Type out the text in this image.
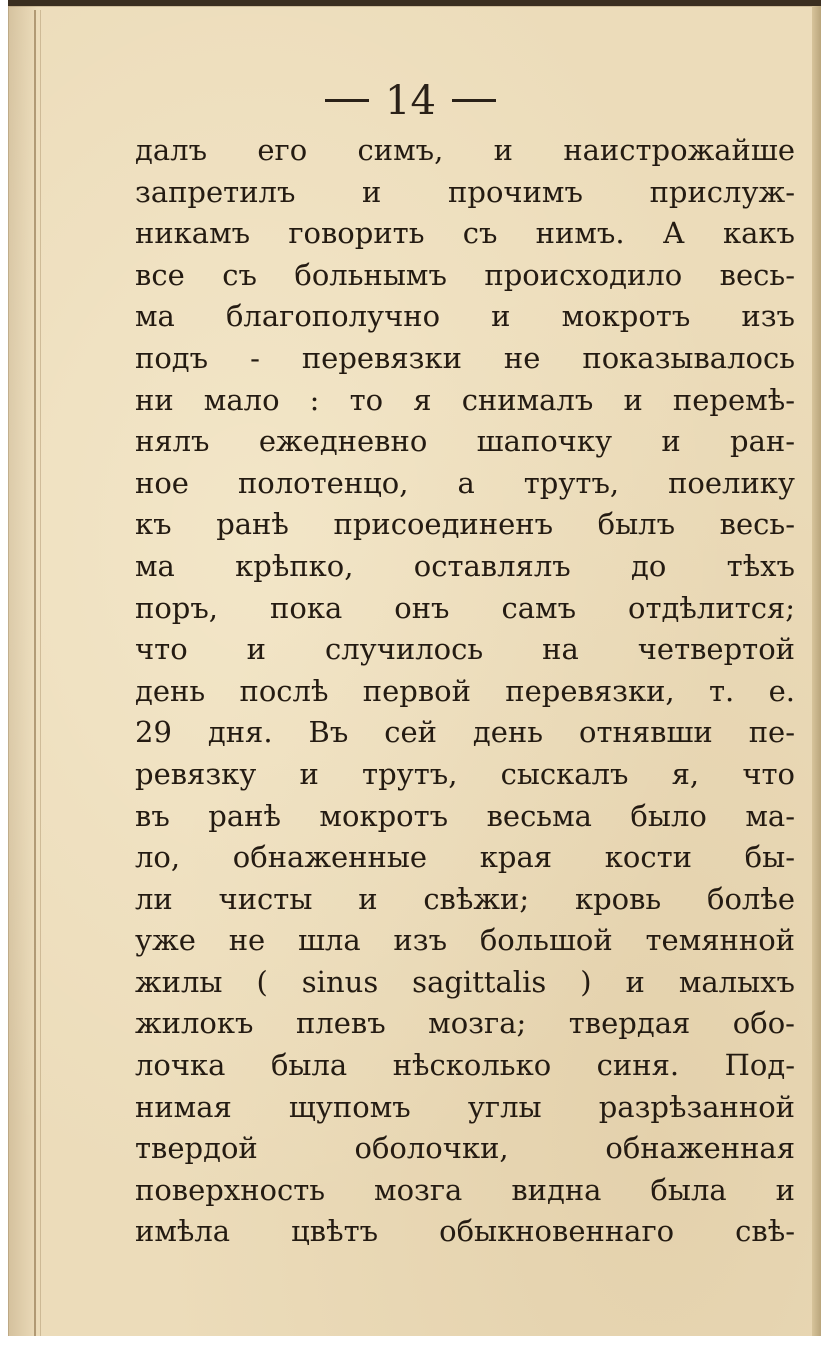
14
далъ его симъ, и наистрожайше
запретилъ и прочимъ прислуж-
никамъ говорить съ нимъ. А какъ
все съ больнымъ происходило весь-
ма благополучно и мокротъ изъ
подъ - перевязки не показывалось
ни мало : то я снималъ и перемѣ-
нялъ ежедневно шапочку и ран-
ное полотенцо, а трутъ, поелику
къ ранѣ присоединенъ былъ весь-
ма крѣпко, оставлялъ до тѣхъ
поръ, пока онъ самъ отдѣлится;
что и случилось на четвертой
день послѣ первой перевязки, т. е.
29 дня. Въ сей день отнявши пе-
ревязку и трутъ, сыскалъ я, что
въ ранѣ мокротъ весьма было ма-
ло, обнаженные края кости бы-
ли чисты и свѣжи; кровь болѣе
уже не шла изъ большой темянной
жилы ( sinus sagittalis ) и малыхъ
жилокъ плевъ мозга; твердая обо-
лочка была нѣсколько синя. Под-
нимая щупомъ углы разрѣзанной
твердой оболочки, обнаженная
поверхность мозга видна была и
имѣла цвѣтъ обыкновеннаго свѣ-
